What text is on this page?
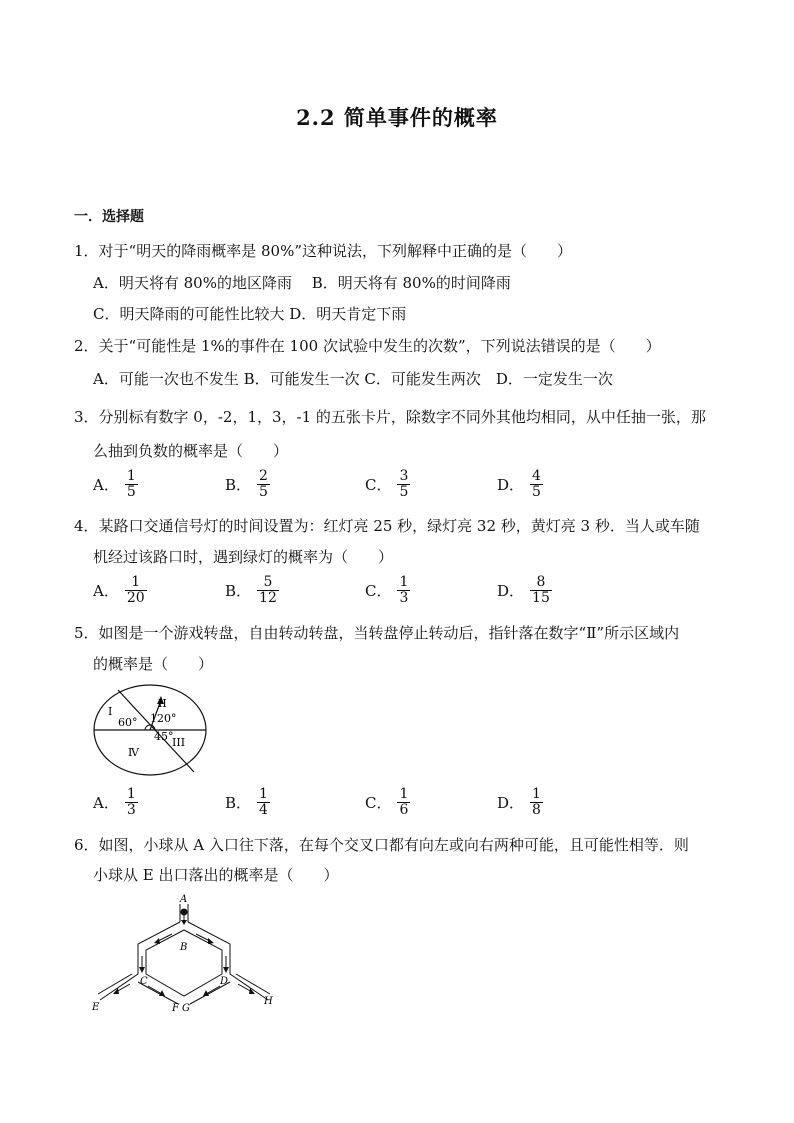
2.2 简单事件的概率
一．选择题
1．对于“明天的降雨概率是 80%”这种说法，下列解释中正确的是（　　）
A．明天将有 80%的地区降雨　 B．明天将有 80%的时间降雨
C．明天降雨的可能性比较大 D．明天肯定下雨
2．关于“可能性是 1%的事件在 100 次试验中发生的次数”，下列说法错误的是（　　）
A．可能一次也不发生 B．可能发生一次 C．可能发生两次　D．一定发生一次
3．分别标有数字 0，-2，1，3，-1 的五张卡片，除数字不同外其他均相同，从中任抽一张，那
么抽到负数的概率是（　　）
A． $\frac{1}{5}$	B． $\frac{2}{5}$	C． $\frac{3}{5}$	D． $\frac{4}{5}$
4．某路口交通信号灯的时间设置为：红灯亮 25 秒，绿灯亮 32 秒，黄灯亮 3 秒．当人或车随
机经过该路口时，遇到绿灯的概率为（　　）
A． $\frac{1}{20}$	B． $\frac{5}{12}$	C． $\frac{1}{3}$	D． $\frac{8}{15}$
5．如图是一个游戏转盘，自由转动转盘，当转盘停止转动后，指针落在数字“Ⅱ”所示区域内
的概率是（　　）
I
II
III
Ⅳ
60° 120°
45°
A． $\frac{1}{3}$	B． $\frac{1}{4}$	C． $\frac{1}{6}$	D． $\frac{1}{8}$
6．如图，小球从 A 入口往下落，在每个交叉口都有向左或向右两种可能，且可能性相等．则
小球从 E 出口落出的概率是（　　）
A
B
C	D
E	F G
H
